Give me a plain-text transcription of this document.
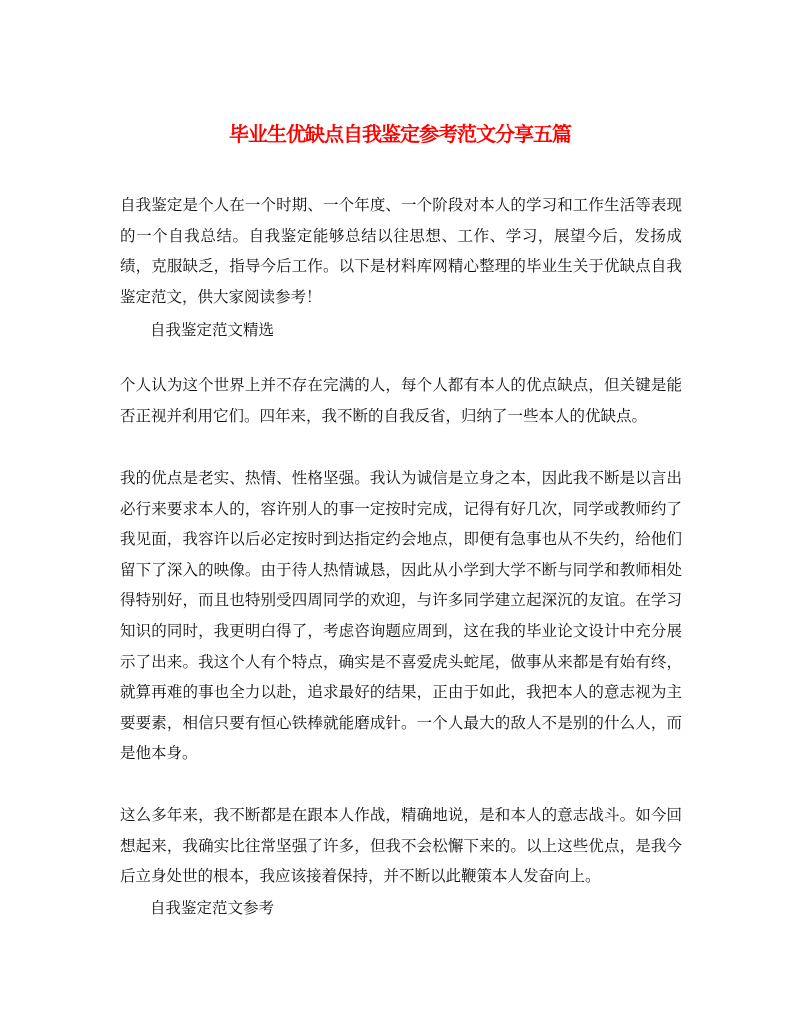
毕业生优缺点自我鉴定参考范文分享五篇

自我鉴定是个人在一个时期、一个年度、一个阶段对本人的学习和工作生活等表现的一个自我总结。自我鉴定能够总结以往思想、工作、学习，展望今后，发扬成绩，克服缺乏，指导今后工作。以下是材料库网精心整理的毕业生关于优缺点自我鉴定范文，供大家阅读参考！

自我鉴定范文精选

个人认为这个世界上并不存在完满的人，每个人都有本人的优点缺点，但关键是能否正视并利用它们。四年来，我不断的自我反省，归纳了一些本人的优缺点。

我的优点是老实、热情、性格坚强。我认为诚信是立身之本，因此我不断是以言出必行来要求本人的，容许别人的事一定按时完成，记得有好几次，同学或教师约了我见面，我容许以后必定按时到达指定约会地点，即便有急事也从不失约，给他们留下了深入的映像。由于待人热情诚恳，因此从小学到大学不断与同学和教师相处得特别好，而且也特别受四周同学的欢迎，与许多同学建立起深沉的友谊。在学习知识的同时，我更明白得了，考虑咨询题应周到，这在我的毕业论文设计中充分展示了出来。我这个人有个特点，确实是不喜爱虎头蛇尾，做事从来都是有始有终，就算再难的事也全力以赴，追求最好的结果，正由于如此，我把本人的意志视为主要要素，相信只要有恒心铁棒就能磨成针。一个人最大的敌人不是别的什么人，而是他本身。

这么多年来，我不断都是在跟本人作战，精确地说，是和本人的意志战斗。如今回想起来，我确实比往常坚强了许多，但我不会松懈下来的。以上这些优点，是我今后立身处世的根本，我应该接着保持，并不断以此鞭策本人发奋向上。

自我鉴定范文参考
